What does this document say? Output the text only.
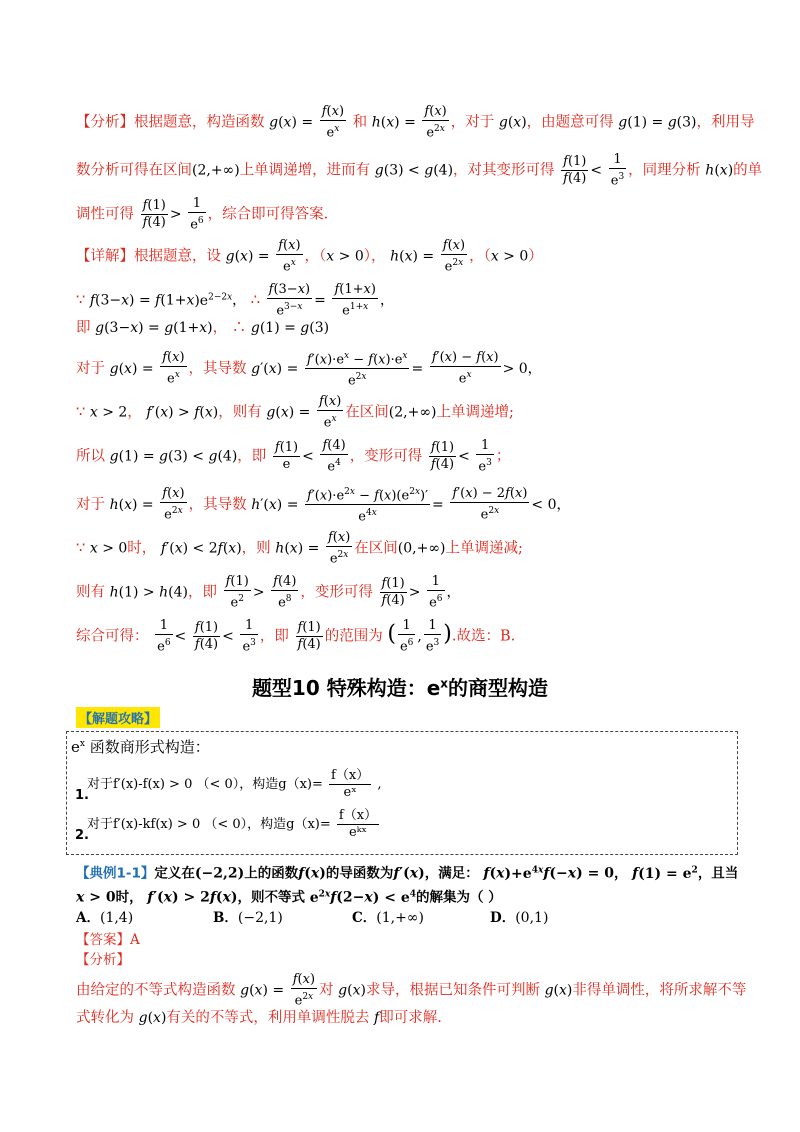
【分析】根据题意，构造函数 $g(x) = \frac{f(x)}{e^x}$ 和 $h(x) = \frac{f(x)}{e^{2x}}$ ，对于 g(x)，由题意可得 g(1) = g(3)，利用导
数分析可得在区间(2,+∞)上单调递增，进而有 g(3) < g(4)，对其变形可得 $\frac{f(1)}{f(4)} < \frac{1}{e^3}$ ，同理分析 h(x)的单
调性可得 $\frac{f(1)}{f(4)} > \frac{1}{e^6}$ ，综合即可得答案.
【详解】根据题意，设 $g(x) = \frac{f(x)}{e^x}$ ，（x > 0）， $h(x) = \frac{f(x)}{e^{2x}}$ ，（x > 0）
∵ $f(3-x) = f(1+x)e^{2-2x}$， ∴ $\frac{f(3-x)}{e^{3-x}} = \frac{f(1+x)}{e^{1+x}}$ ，
即 g(3−x) = g(1+x)， ∴ g(1) = g(3)
对于 $g(x) = \frac{f(x)}{e^x}$ ，其导数 $g'(x) = \frac{f'(x)\cdot e^x - f(x)\cdot e^x}{e^{2x}} = \frac{f'(x) - f(x)}{e^x} > 0$，
∵ x > 2， f′(x) > f(x)，则有 $g(x) = \frac{f(x)}{e^x}$ 在区间(2,+∞)上单调递增;
所以 g(1) = g(3) < g(4)，即 $\frac{f(1)}{e} < \frac{f(4)}{e^4}$ ，变形可得 $\frac{f(1)}{f(4)} < \frac{1}{e^3}$ ；
对于 $h(x) = \frac{f(x)}{e^{2x}}$ ，其导数 $h'(x) = \frac{f'(x)\cdot e^{2x} - f(x)(e^{2x})'}{e^{4x}} = \frac{f'(x) - 2f(x)}{e^{2x}} < 0$，
∵ x > 0时， f′(x) < 2f(x)，则 $h(x) = \frac{f(x)}{e^{2x}}$ 在区间(0,+∞)上单调递减;
则有 h(1) > h(4)，即 $\frac{f(1)}{e^2} > \frac{f(4)}{e^8}$ ，变形可得 $\frac{f(1)}{f(4)} > \frac{1}{e^6}$ ，
综合可得： $\frac{1}{e^6} < \frac{f(1)}{f(4)} < \frac{1}{e^3}$ ，即 $\frac{f(1)}{f(4)}$ 的范围为 ( $\frac{1}{e^6}$ , $\frac{1}{e^3}$ ).故选：B.
题型10 特殊构造：$e^x$的商型构造
【解题攻略】
$e^x$ 函数商形式构造：
对于f′(x)-f(x) > 0 （< 0），构造$g(x)= \frac{f(x)}{\text{eˣ}}$ ,
1.
对于f′(x)-kf(x) > 0 （< 0），构造$g(x)= \frac{f(x)}{\text{eᵏˣ}}$
2.
【典例1-1】定义在(−2,2)上的函数f(x)的导函数为f′(x)，满足： $f(x)+e^{4x}f(-x) = 0$， $f(1) = e^2$，且当
x > 0时， f′(x) > 2f(x)，则不等式 $e^{2x}f(2-x) < e^4$的解集为（ ）
A．(1,4)	B．(−2,1)	C．(1,+∞)	D．(0,1)
【答案】A
【分析】
由给定的不等式构造函数 $g(x) = \frac{f(x)}{e^{2x}}$ 对 g(x)求导，根据已知条件可判断 g(x)非得单调性，将所求解不等
式转化为 g(x)有关的不等式，利用单调性脱去 f即可求解.
